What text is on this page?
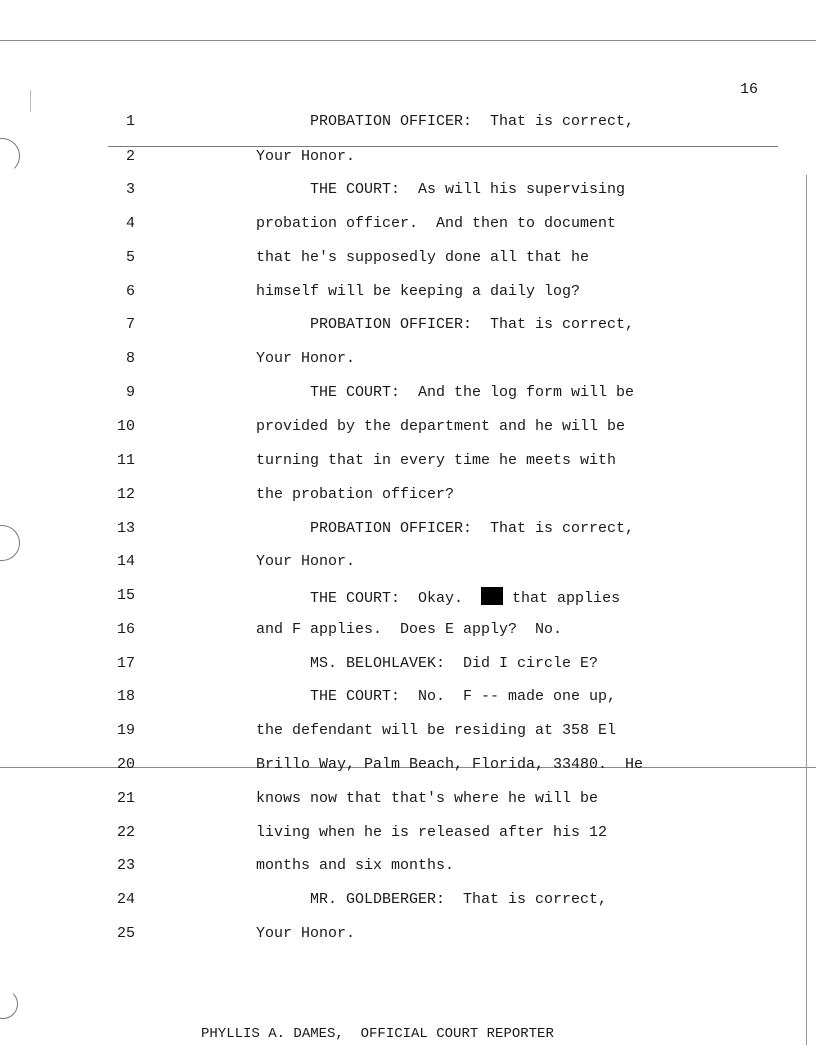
16
1	PROBATION OFFICER:  That is correct,
2	Your Honor.
3	THE COURT:  As will his supervising
4	probation officer.  And then to document
5	that he's supposedly done all that he
6	himself will be keeping a daily log?
7	PROBATION OFFICER:  That is correct,
8	Your Honor.
9	THE COURT:  And the log form will be
10	provided by the department and he will be
11	turning that in every time he meets with
12	the probation officer?
13	PROBATION OFFICER:  That is correct,
14	Your Honor.
15	THE COURT:  Okay.   that applies
16	and F applies.  Does E apply?  No.
17	MS. BELOHLAVEK:  Did I circle E?
18	THE COURT:  No.  F -- made one up,
19	the defendant will be residing at 358 El
20	Brillo Way, Palm Beach, Florida, 33480.  He
21	knows now that that's where he will be
22	living when he is released after his 12
23	months and six months.
24	MR. GOLDBERGER:  That is correct,
25	Your Honor.
PHYLLIS A. DAMES,  OFFICIAL COURT REPORTER
